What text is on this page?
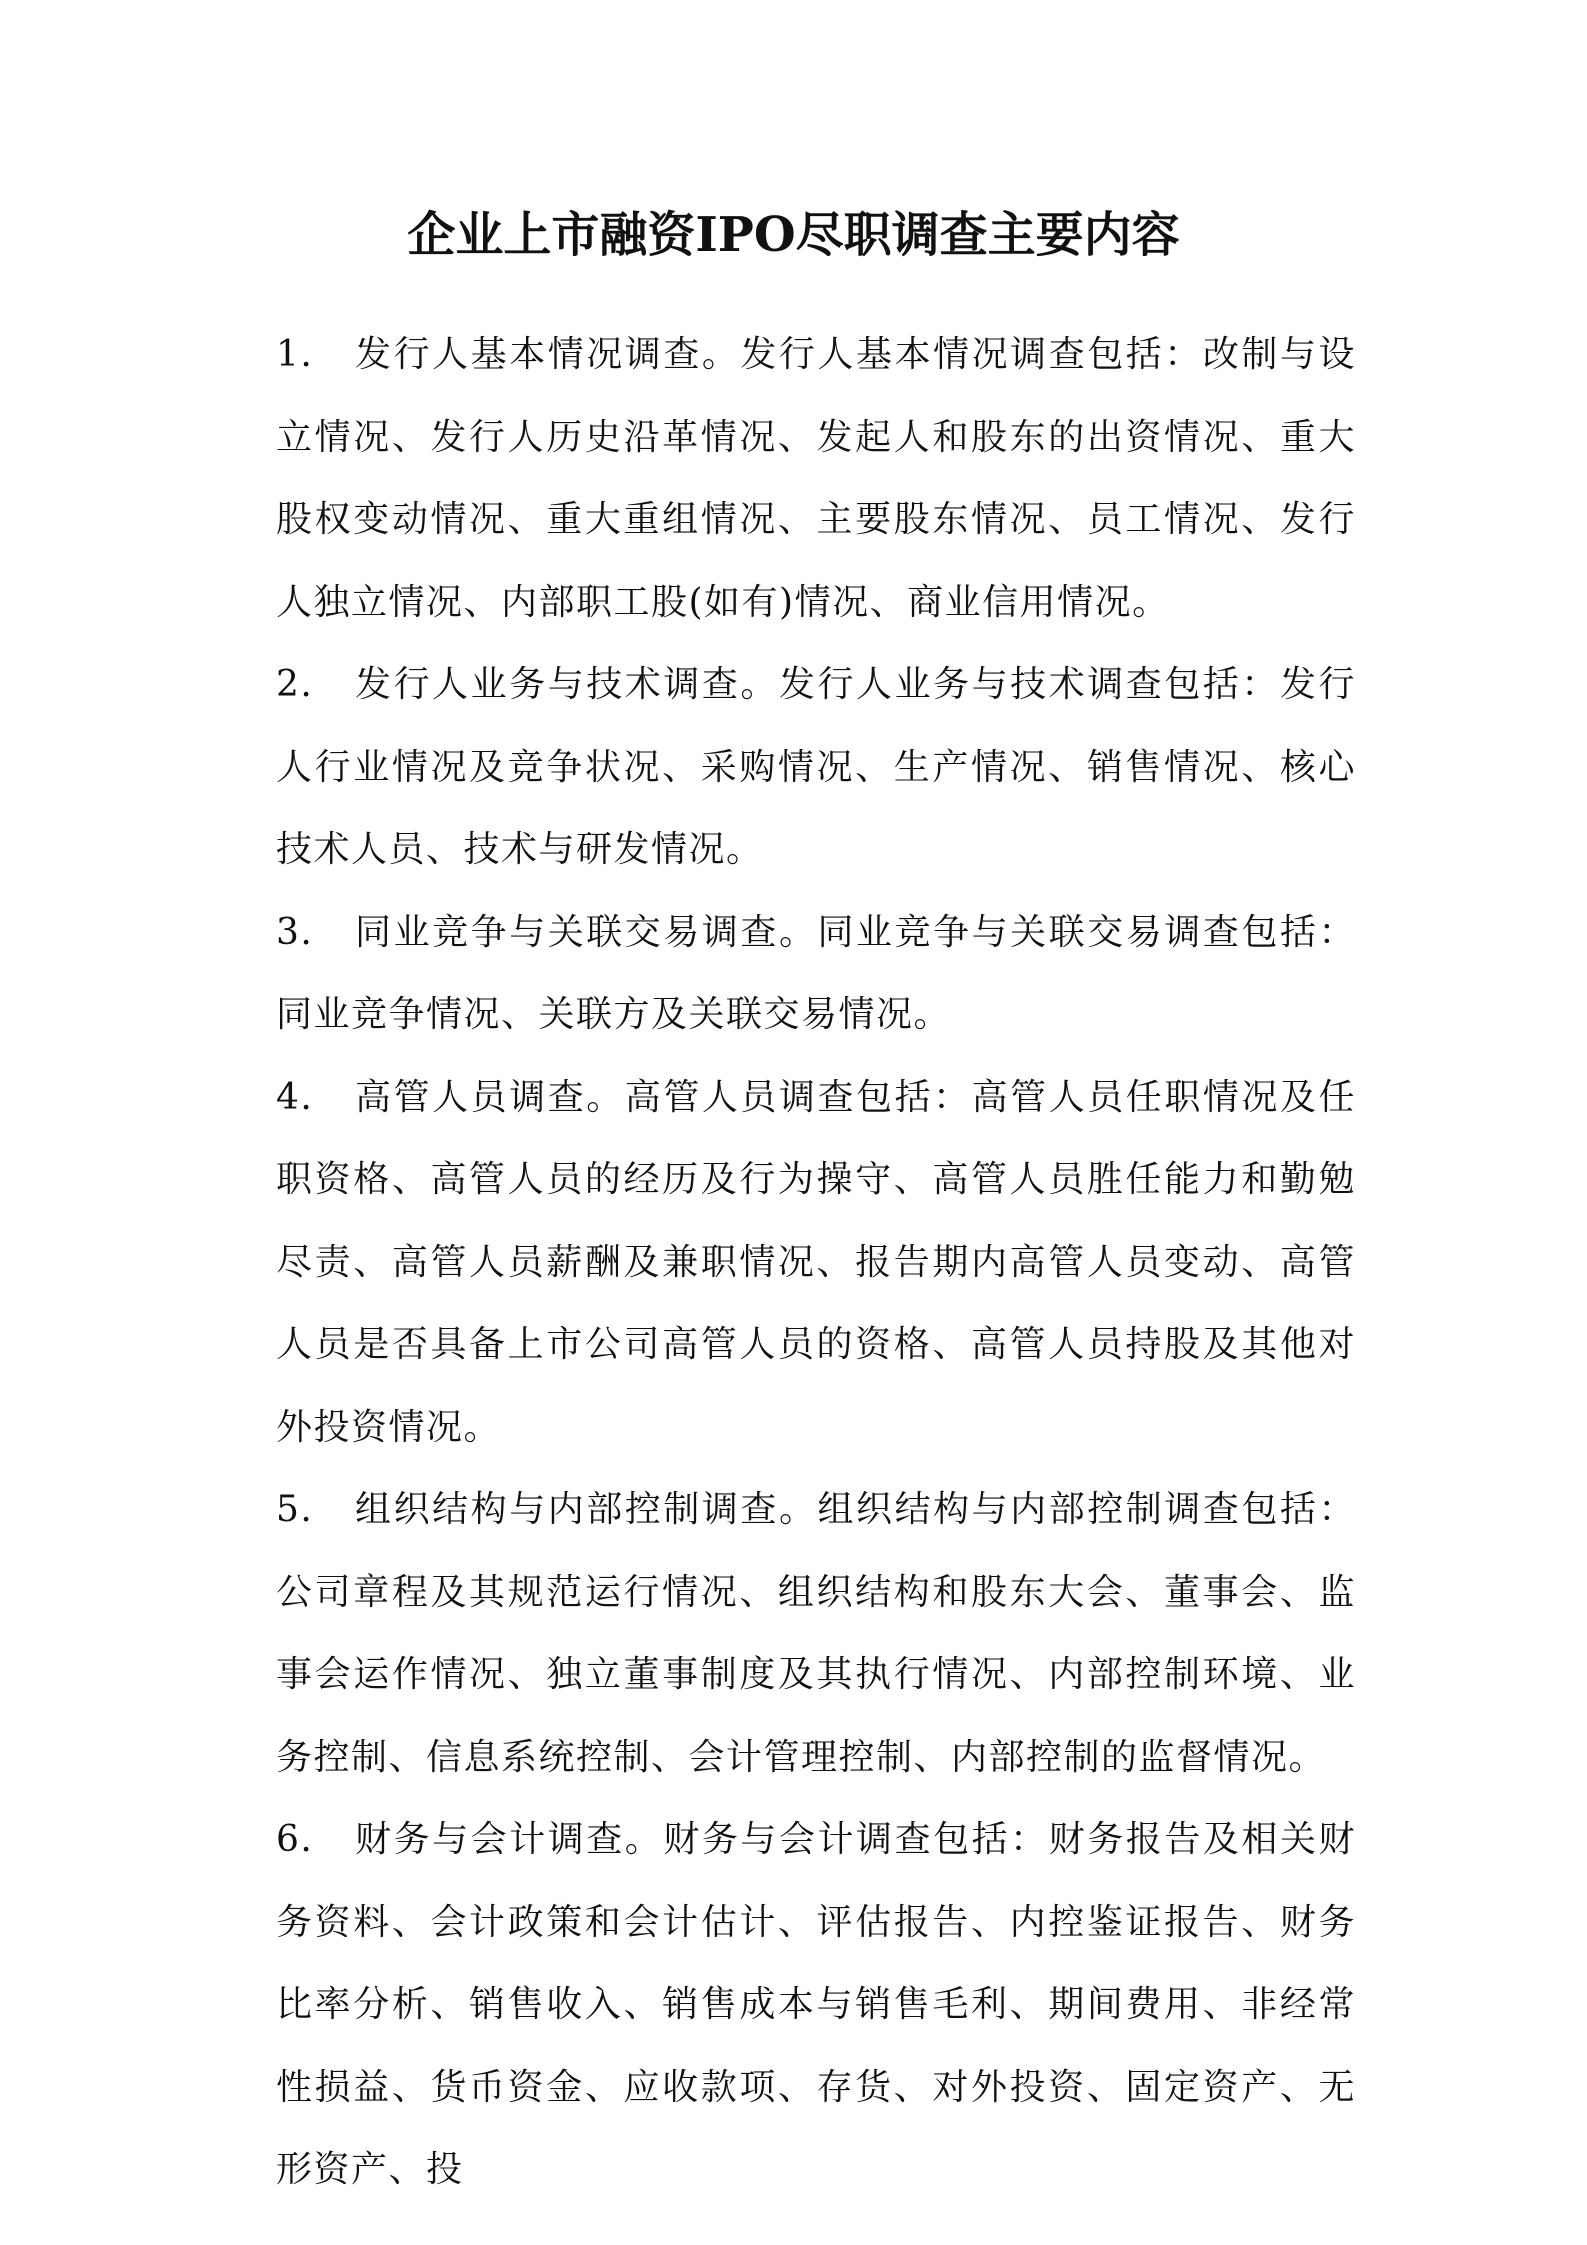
企业上市融资IPO尽职调查主要内容

1. 发行人基本情况调查。发行人基本情况调查包括：改制与设立情况、发行人历史沿革情况、发起人和股东的出资情况、重大股权变动情况、重大重组情况、主要股东情况、员工情况、发行人独立情况、内部职工股(如有)情况、商业信用情况。

2. 发行人业务与技术调查。发行人业务与技术调查包括：发行人行业情况及竞争状况、采购情况、生产情况、销售情况、核心技术人员、技术与研发情况。

3. 同业竞争与关联交易调查。同业竞争与关联交易调查包括：同业竞争情况、关联方及关联交易情况。

4. 高管人员调查。高管人员调查包括：高管人员任职情况及任职资格、高管人员的经历及行为操守、高管人员胜任能力和勤勉尽责、高管人员薪酬及兼职情况、报告期内高管人员变动、高管人员是否具备上市公司高管人员的资格、高管人员持股及其他对外投资情况。

5. 组织结构与内部控制调查。组织结构与内部控制调查包括：公司章程及其规范运行情况、组织结构和股东大会、董事会、监事会运作情况、独立董事制度及其执行情况、内部控制环境、业务控制、信息系统控制、会计管理控制、内部控制的监督情况。

6. 财务与会计调查。财务与会计调查包括：财务报告及相关财务资料、会计政策和会计估计、评估报告、内控鉴证报告、财务比率分析、销售收入、销售成本与销售毛利、期间费用、非经常性损益、货币资金、应收款项、存货、对外投资、固定资产、无形资产、投
